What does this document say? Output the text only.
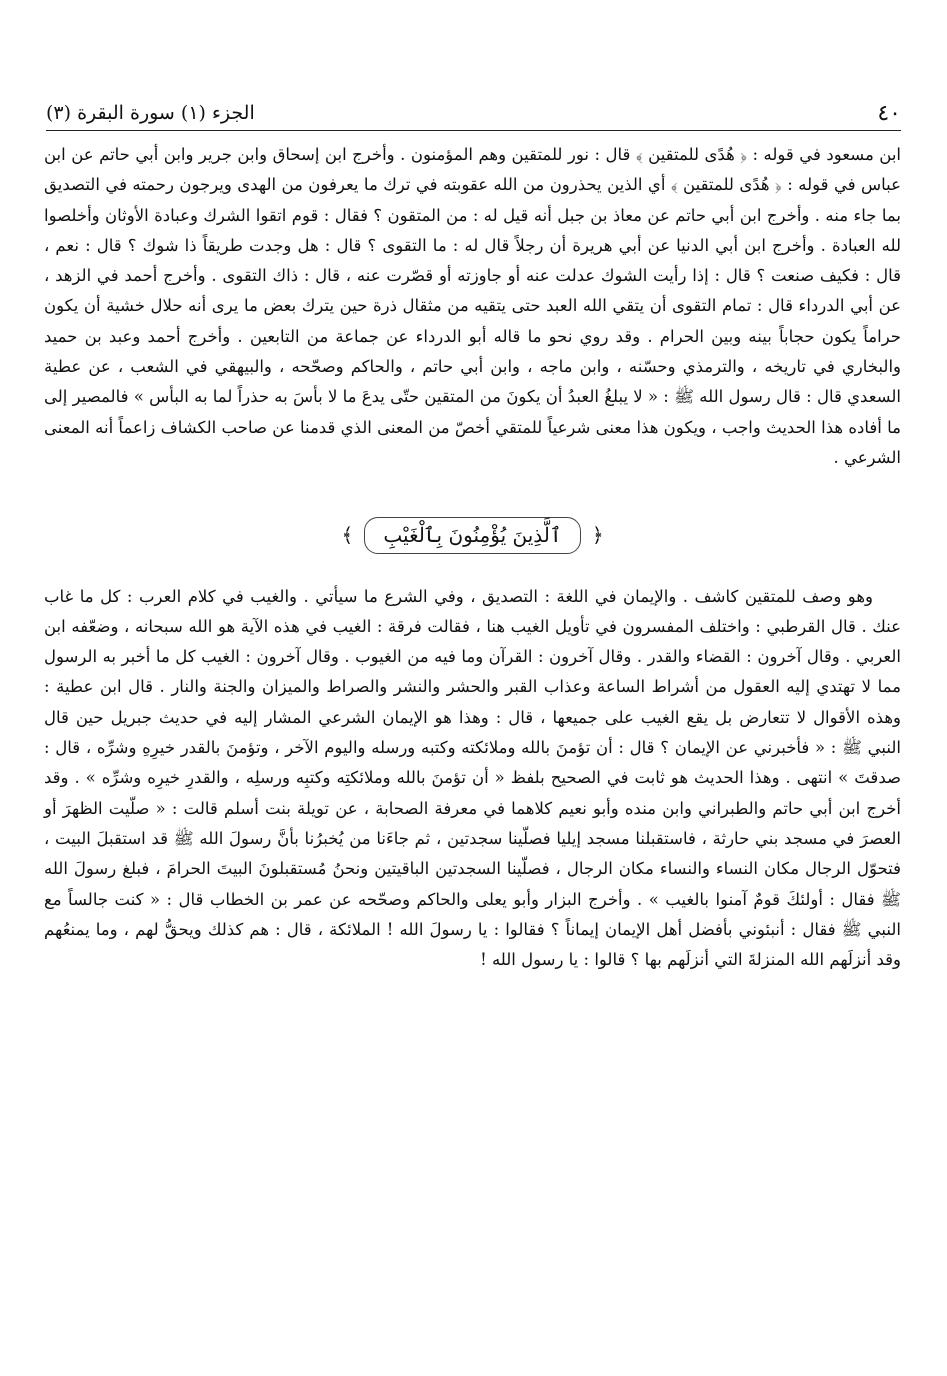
٤٠
الجزء (١) سورة البقرة (٣)

ابن مسعود في قوله : ﴿ هُدًى للمتقين ﴾ قال : نور للمتقين وهم المؤمنون . وأخرج ابن إسحاق وابن جرير وابن أبي حاتم عن ابن عباس في قوله : ﴿ هُدًى للمتقين ﴾ أي الذين يحذرون من الله عقوبته في ترك ما يعرفون من الهدى ويرجون رحمته في التصديق بما جاء منه . وأخرج ابن أبي حاتم عن معاذ بن جبل أنه قيل له : من المتقون ؟ فقال : قوم اتقوا الشرك وعبادة الأوثان وأخلصوا لله العبادة . وأخرج ابن أبي الدنيا عن أبي هريرة أن رجلاً قال له : ما التقوى ؟ قال : هل وجدت طريقاً ذا شوك ؟ قال : نعم ، قال : فكيف صنعت ؟ قال : إذا رأيت الشوك عدلت عنه أو جاوزته أو قصّرت عنه ، قال : ذاك التقوى . وأخرج أحمد في الزهد ، عن أبي الدرداء قال : تمام التقوى أن يتقي الله العبد حتى يتقيه من مثقال ذرة حين يترك بعض ما يرى أنه حلال خشية أن يكون حراماً يكون حجاباً بينه وبين الحرام . وقد روي نحو ما قاله أبو الدرداء عن جماعة من التابعين . وأخرج أحمد وعبد بن حميد والبخاري في تاريخه ، والترمذي وحسّنه ، وابن ماجه ، وابن أبي حاتم ، والحاكم وصحّحه ، والبيهقي في الشعب ، عن عطية السعدي قال : قال رسول الله ﷺ : « لا يبلغُ العبدُ أن يكونَ من المتقين حتّى يدعَ ما لا بأسَ به حذراً لما به البأس » فالمصير إلى ما أفاده هذا الحديث واجب ، ويكون هذا معنى شرعياً للمتقي أخصّ من المعنى الذي قدمنا عن صاحب الكشاف زاعماً أنه المعنى الشرعي .

﴿ ٱلَّذِينَ يُؤْمِنُونَ بِٱلْغَيْبِ ﴾

وهو وصف للمتقين كاشف . والإيمان في اللغة : التصديق ، وفي الشرع ما سيأتي . والغيب في كلام العرب : كل ما غاب عنك . قال القرطبي : واختلف المفسرون في تأويل الغيب هنا ، فقالت فرقة : الغيب في هذه الآية هو الله سبحانه ، وضعّفه ابن العربي . وقال آخرون : القضاء والقدر . وقال آخرون : القرآن وما فيه من الغيوب . وقال آخرون : الغيب كل ما أخبر به الرسول مما لا تهتدي إليه العقول من أشراط الساعة وعذاب القبر والحشر والنشر والصراط والميزان والجنة والنار . قال ابن عطية : وهذه الأقوال لا تتعارض بل يقع الغيب على جميعها ، قال : وهذا هو الإيمان الشرعي المشار إليه في حديث جبريل حين قال النبي ﷺ : « فأخبرني عن الإيمان ؟ قال : أن تؤمنَ بالله وملائكته وكتبه ورسله واليوم الآخر ، وتؤمنَ بالقدر خيرِهِ وشرِّه ، قال : صدقتَ » انتهى . وهذا الحديث هو ثابت في الصحيح بلفظ « أن تؤمنَ بالله وملائكتِه وكتبِه ورسلِه ، والقدرِ خيرِه وشرِّه » . وقد أخرج ابن أبي حاتم والطبراني وابن منده وأبو نعيم كلاهما في معرفة الصحابة ، عن تويلة بنت أسلم قالت : « صلّيت الظهرَ أو العصرَ في مسجد بني حارثة ، فاستقبلنا مسجد إيليا فصلّينا سجدتين ، ثم جاءَنا من يُخبرُنا بأنَّ رسولَ الله ﷺ قد استقبلَ البيت ، فتحوّل الرجال مكان النساء والنساء مكان الرجال ، فصلّينا السجدتين الباقيتين ونحنُ مُستقبلونَ البيتَ الحرامَ ، فبلغ رسولَ الله ﷺ فقال : أولئكَ قومٌ آمنوا بالغيب » . وأخرج البزار وأبو يعلى والحاكم وصحّحه عن عمر بن الخطاب قال : « كنت جالساً مع النبي ﷺ فقال : أنبئوني بأفضل أهل الإيمان إيماناً ؟ فقالوا : يا رسولَ الله ! الملائكة ، قال : هم كذلك ويحقُّ لهم ، وما يمنعُهم وقد أنزلَهم الله المنزلةَ التي أنزلَهم بها ؟ قالوا : يا رسول الله !
